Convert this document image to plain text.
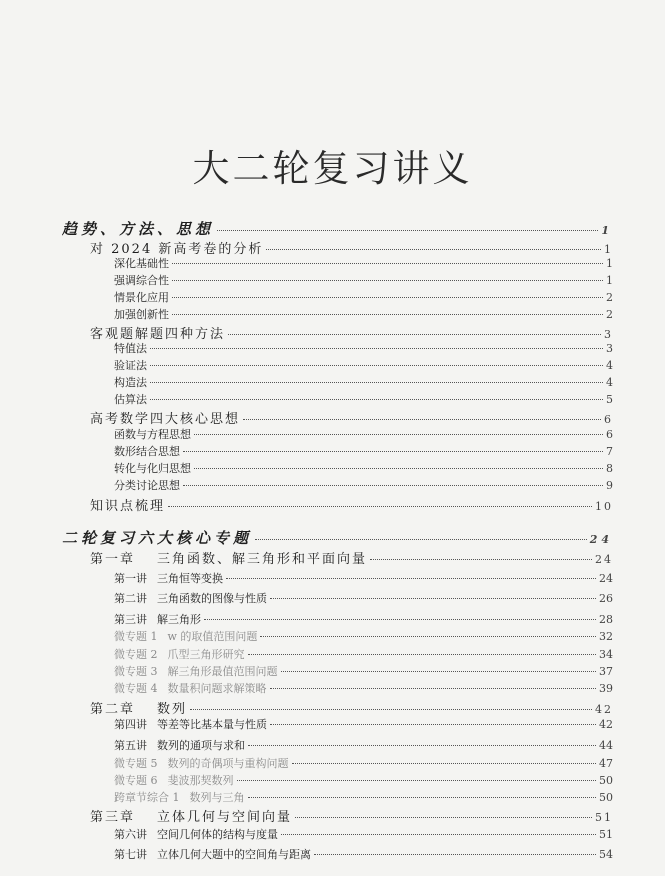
大二轮复习讲义
趋势、方法、思想	1
对 2024 新高考卷的分析	1
深化基础性	1
强调综合性	1
情景化应用	2
加强创新性	2
客观题解题四种方法	3
特值法	3
验证法	4
构造法	4
估算法	5
高考数学四大核心思想	6
函数与方程思想	6
数形结合思想	7
转化与化归思想	8
分类讨论思想	9
知识点梳理	10
二轮复习六大核心专题	24
第一章 三角函数、解三角形和平面向量	24
第一讲 三角恒等变换	24
第二讲 三角函数的图像与性质	26
第三讲 解三角形	28
微专题 1 w 的取值范围问题	32
微专题 2 爪型三角形研究	34
微专题 3 解三角形最值范围问题	37
微专题 4 数量积问题求解策略	39
第二章 数列	42
第四讲 等差等比基本量与性质	42
第五讲 数列的通项与求和	44
微专题 5 数列的奇偶项与重构问题	47
微专题 6 斐波那契数列	50
跨章节综合 1 数列与三角	50
第三章 立体几何与空间向量	51
第六讲 空间几何体的结构与度量	51
第七讲 立体几何大题中的空间角与距离	54
